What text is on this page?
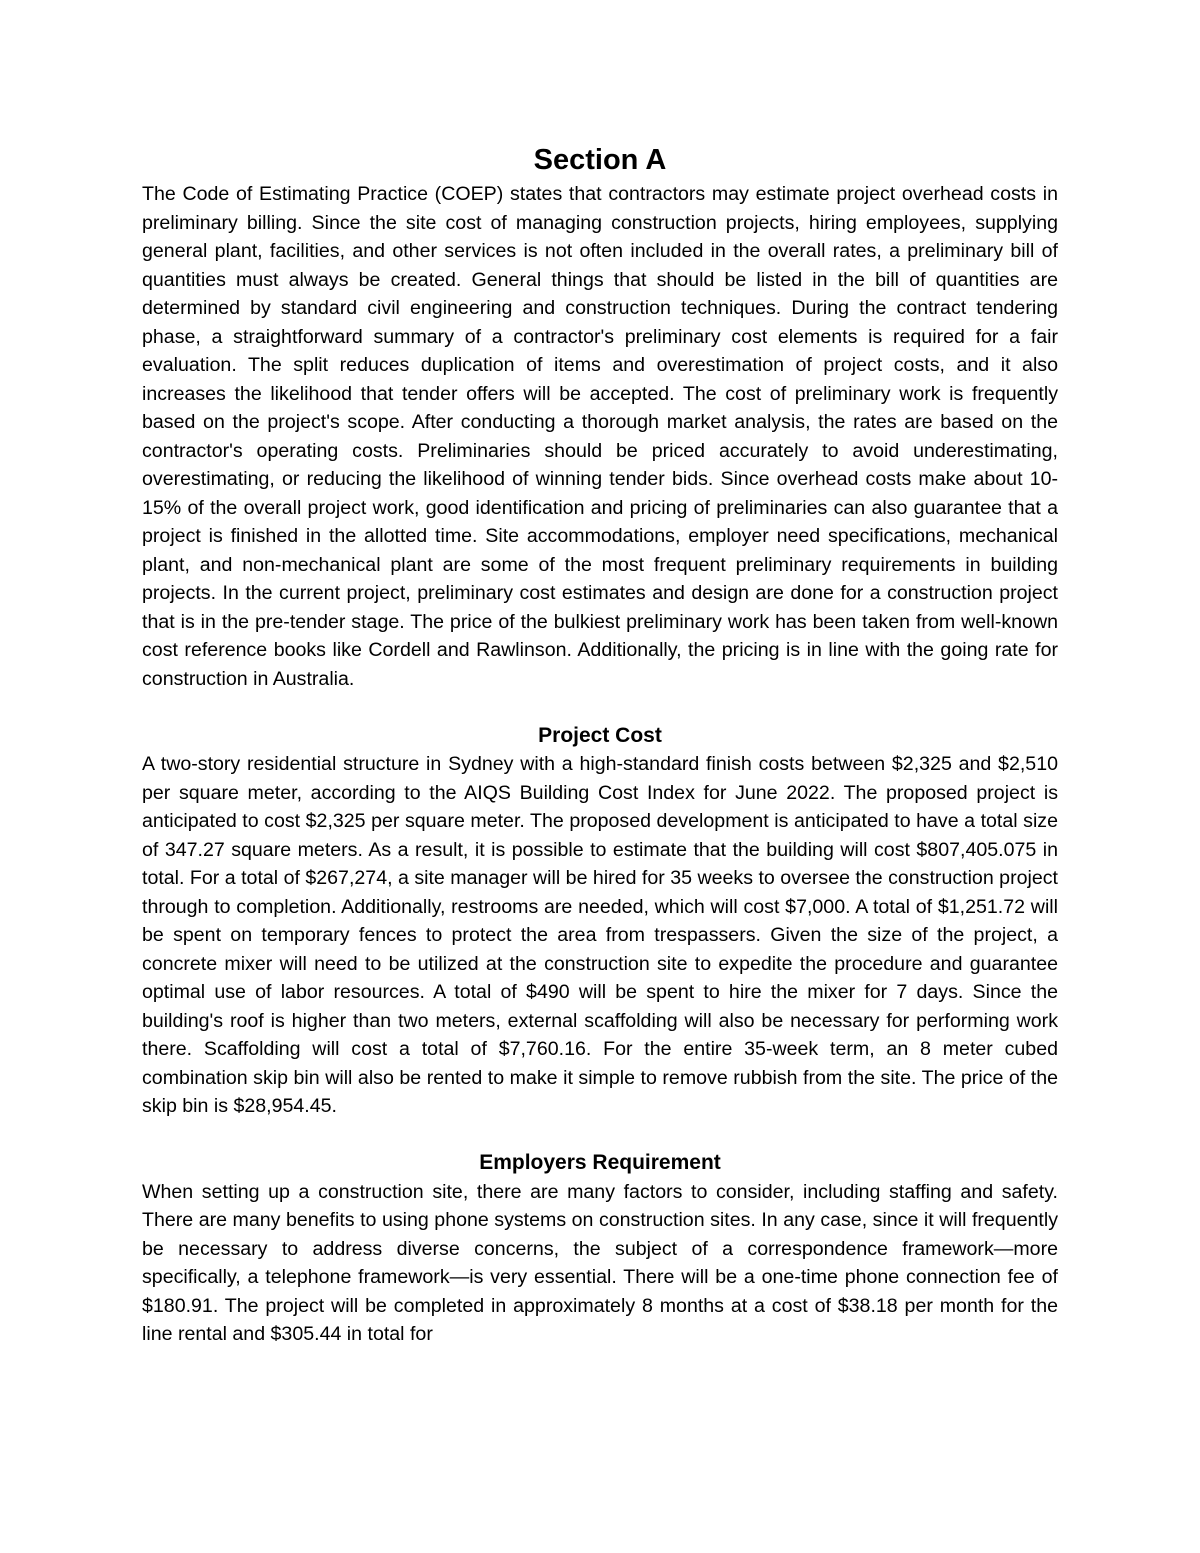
Section A

The Code of Estimating Practice (COEP) states that contractors may estimate project overhead costs in preliminary billing. Since the site cost of managing construction projects, hiring employees, supplying general plant, facilities, and other services is not often included in the overall rates, a preliminary bill of quantities must always be created. General things that should be listed in the bill of quantities are determined by standard civil engineering and construction techniques. During the contract tendering phase, a straightforward summary of a contractor's preliminary cost elements is required for a fair evaluation. The split reduces duplication of items and overestimation of project costs, and it also increases the likelihood that tender offers will be accepted. The cost of preliminary work is frequently based on the project's scope. After conducting a thorough market analysis, the rates are based on the contractor's operating costs. Preliminaries should be priced accurately to avoid underestimating, overestimating, or reducing the likelihood of winning tender bids. Since overhead costs make about 10-15% of the overall project work, good identification and pricing of preliminaries can also guarantee that a project is finished in the allotted time. Site accommodations, employer need specifications, mechanical plant, and non-mechanical plant are some of the most frequent preliminary requirements in building projects. In the current project, preliminary cost estimates and design are done for a construction project that is in the pre-tender stage. The price of the bulkiest preliminary work has been taken from well-known cost reference books like Cordell and Rawlinson. Additionally, the pricing is in line with the going rate for construction in Australia.

Project Cost

A two-story residential structure in Sydney with a high-standard finish costs between $2,325 and $2,510 per square meter, according to the AIQS Building Cost Index for June 2022. The proposed project is anticipated to cost $2,325 per square meter. The proposed development is anticipated to have a total size of 347.27 square meters. As a result, it is possible to estimate that the building will cost $807,405.075 in total. For a total of $267,274, a site manager will be hired for 35 weeks to oversee the construction project through to completion. Additionally, restrooms are needed, which will cost $7,000. A total of $1,251.72 will be spent on temporary fences to protect the area from trespassers. Given the size of the project, a concrete mixer will need to be utilized at the construction site to expedite the procedure and guarantee optimal use of labor resources. A total of $490 will be spent to hire the mixer for 7 days. Since the building's roof is higher than two meters, external scaffolding will also be necessary for performing work there. Scaffolding will cost a total of $7,760.16. For the entire 35-week term, an 8 meter cubed combination skip bin will also be rented to make it simple to remove rubbish from the site. The price of the skip bin is $28,954.45.

Employers Requirement

When setting up a construction site, there are many factors to consider, including staffing and safety. There are many benefits to using phone systems on construction sites. In any case, since it will frequently be necessary to address diverse concerns, the subject of a correspondence framework—more specifically, a telephone framework—is very essential. There will be a one-time phone connection fee of $180.91. The project will be completed in approximately 8 months at a cost of $38.18 per month for the line rental and $305.44 in total for
